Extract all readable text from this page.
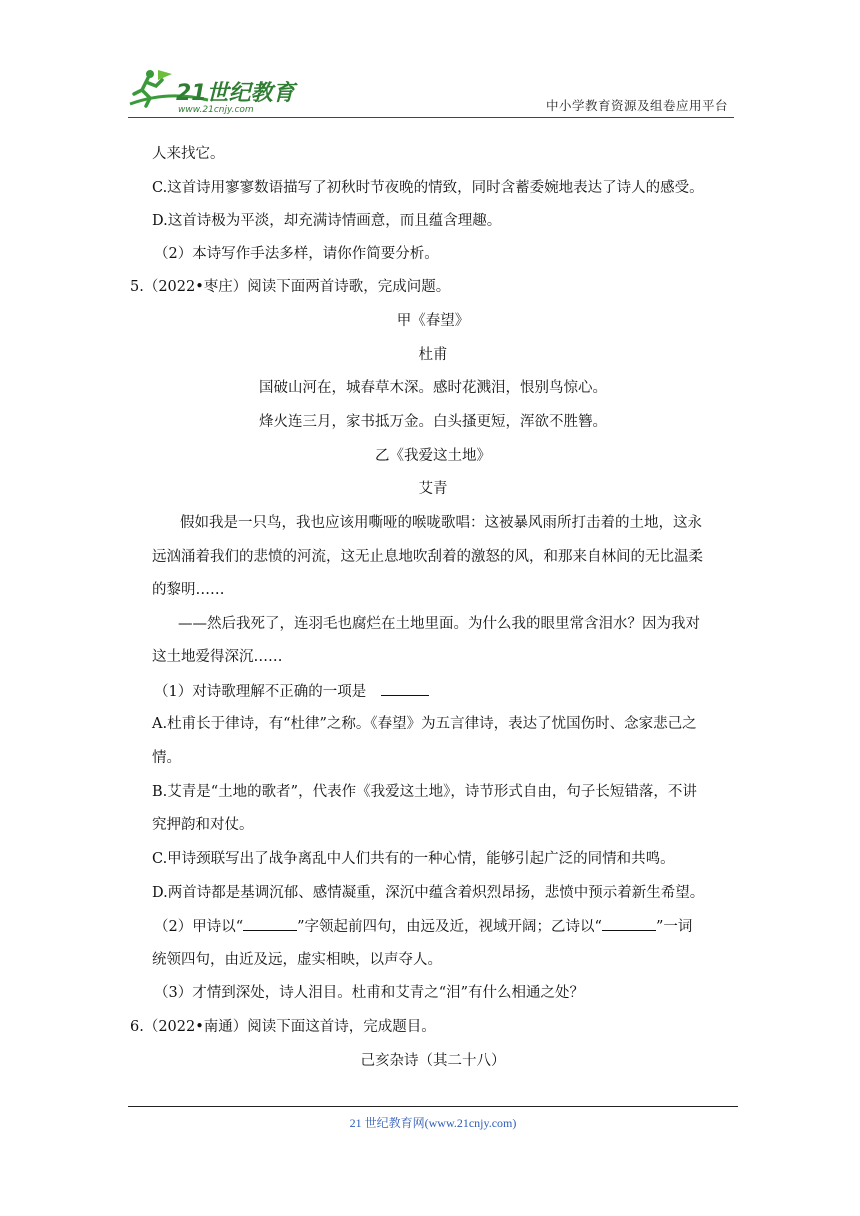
21世纪教育
www.21cnjy.com	中小学教育资源及组卷应用平台
人来找它。
C.这首诗用寥寥数语描写了初秋时节夜晚的情致，同时含蓄委婉地表达了诗人的感受。
D.这首诗极为平淡，却充满诗情画意，而且蕴含理趣。
（2）本诗写作手法多样，请你作简要分析。
5.（2022•枣庄）阅读下面两首诗歌，完成问题。
甲《春望》
杜甫
国破山河在，城春草木深。感时花溅泪，恨别鸟惊心。
烽火连三月，家书抵万金。白头搔更短，浑欲不胜簪。
乙《我爱这土地》
艾青
假如我是一只鸟，我也应该用嘶哑的喉咙歌唱：这被暴风雨所打击着的土地，这永
远汹涌着我们的悲愤的河流，这无止息地吹刮着的激怒的风，和那来自林间的无比温柔
的黎明……
——然后我死了，连羽毛也腐烂在土地里面。为什么我的眼里常含泪水？因为我对
这土地爱得深沉……
（1）对诗歌理解不正确的一项是
A.杜甫长于律诗，有“杜律”之称。《春望》为五言律诗，表达了忧国伤时、念家悲己之
情。
B.艾青是“土地的歌者”，代表作《我爱这土地》，诗节形式自由，句子长短错落，不讲
究押韵和对仗。
C.甲诗颈联写出了战争离乱中人们共有的一种心情，能够引起广泛的同情和共鸣。
D.两首诗都是基调沉郁、感情凝重，深沉中蕴含着炽烈昂扬，悲愤中预示着新生希望。
（2）甲诗以“	”字领起前四句，由远及近，视域开阔；乙诗以“	”一词
统领四句，由近及远，虚实相映，以声夺人。
（3）才情到深处，诗人泪目。杜甫和艾青之“泪”有什么相通之处？
6.（2022•南通）阅读下面这首诗，完成题目。
己亥杂诗（其二十八）
21 世纪教育网(www.21cnjy.com)
